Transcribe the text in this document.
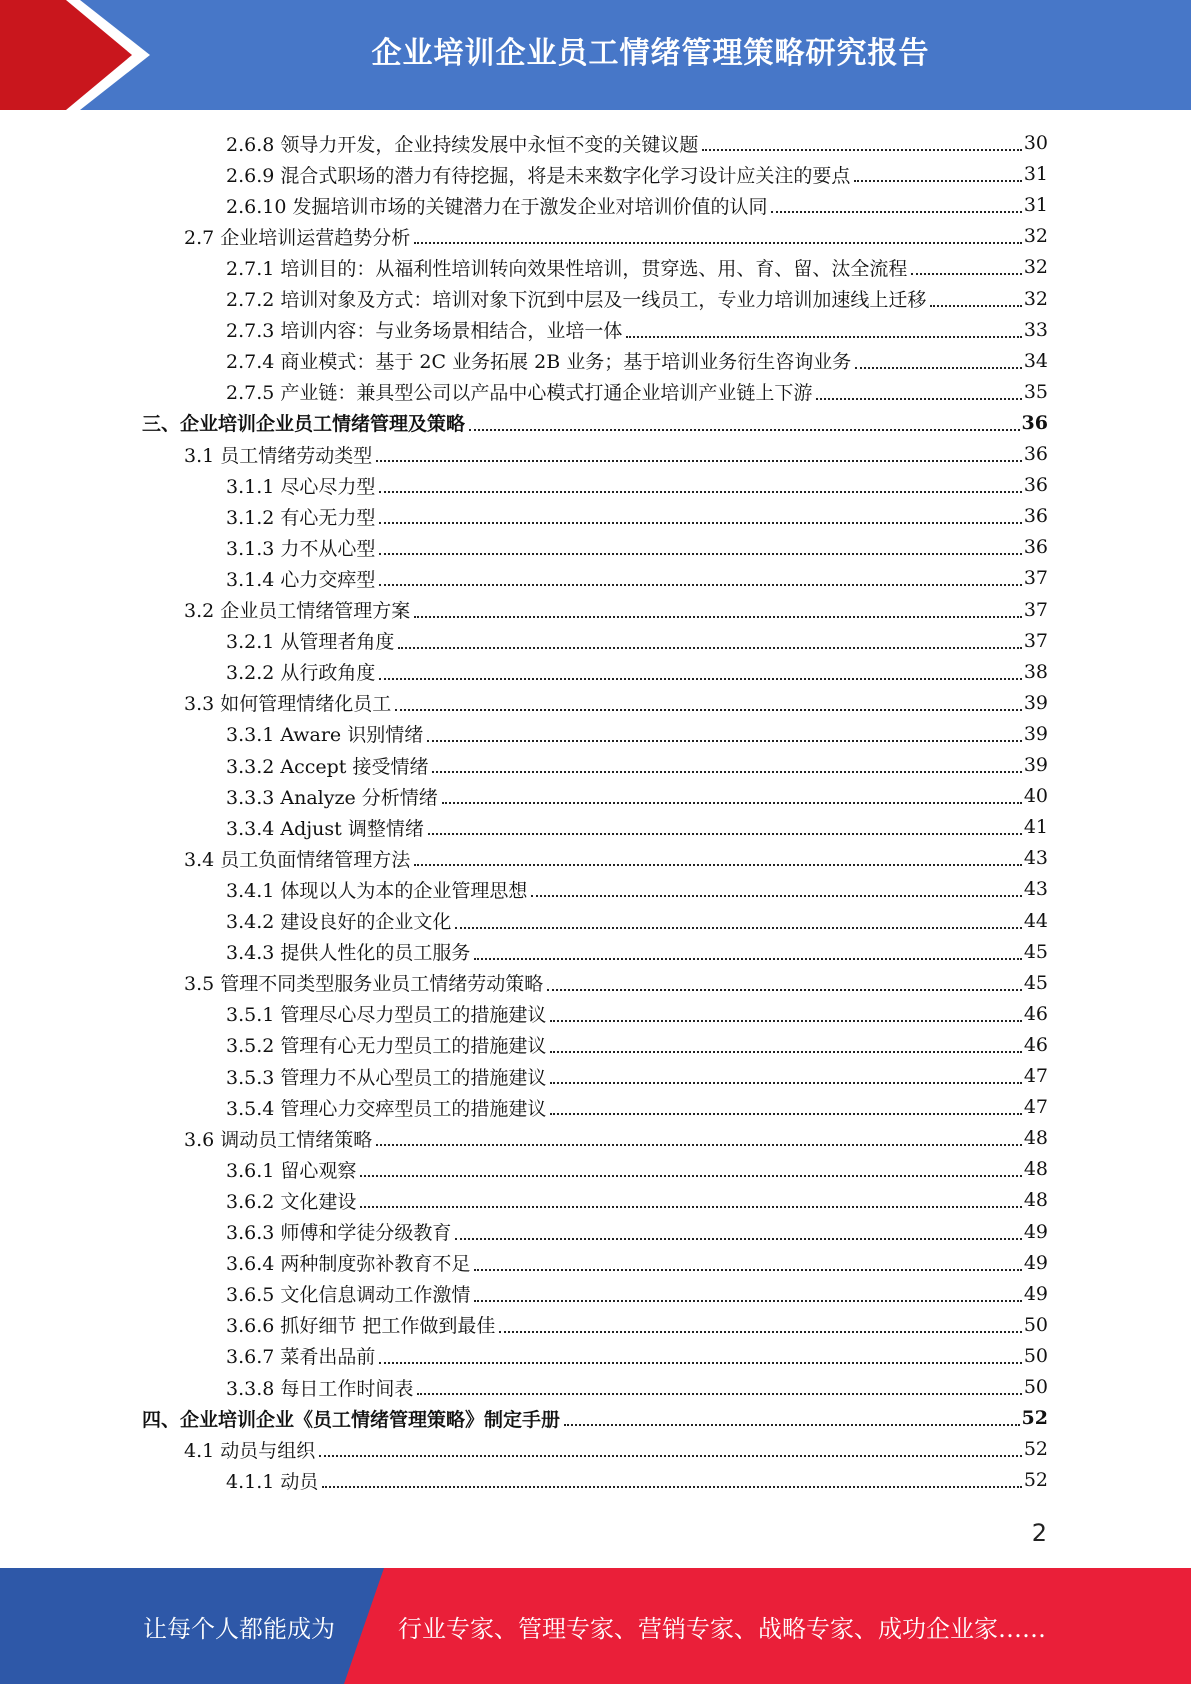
企业培训企业员工情绪管理策略研究报告
2.6.8 领导力开发，企业持续发展中永恒不变的关键议题	30
2.6.9 混合式职场的潜力有待挖掘，将是未来数字化学习设计应关注的要点	31
2.6.10 发掘培训市场的关键潜力在于激发企业对培训价值的认同	31
2.7 企业培训运营趋势分析	32
2.7.1 培训目的：从福利性培训转向效果性培训，贯穿选、用、育、留、汰全流程	32
2.7.2 培训对象及方式：培训对象下沉到中层及一线员工，专业力培训加速线上迁移	32
2.7.3 培训内容：与业务场景相结合，业培一体	33
2.7.4 商业模式：基于 2C 业务拓展 2B 业务；基于培训业务衍生咨询业务	34
2.7.5 产业链：兼具型公司以产品中心模式打通企业培训产业链上下游	35
三、企业培训企业员工情绪管理及策略	36
3.1 员工情绪劳动类型	36
3.1.1 尽心尽力型	36
3.1.2 有心无力型	36
3.1.3 力不从心型	36
3.1.4 心力交瘁型	37
3.2 企业员工情绪管理方案	37
3.2.1 从管理者角度	37
3.2.2 从行政角度	38
3.3 如何管理情绪化员工	39
3.3.1 Aware 识别情绪	39
3.3.2 Accept 接受情绪	39
3.3.3 Analyze 分析情绪	40
3.3.4 Adjust 调整情绪	41
3.4 员工负面情绪管理方法	43
3.4.1 体现以人为本的企业管理思想	43
3.4.2 建设良好的企业文化	44
3.4.3 提供人性化的员工服务	45
3.5 管理不同类型服务业员工情绪劳动策略	45
3.5.1 管理尽心尽力型员工的措施建议	46
3.5.2 管理有心无力型员工的措施建议	46
3.5.3 管理力不从心型员工的措施建议	47
3.5.4 管理心力交瘁型员工的措施建议	47
3.6 调动员工情绪策略	48
3.6.1 留心观察	48
3.6.2 文化建设	48
3.6.3 师傅和学徒分级教育	49
3.6.4 两种制度弥补教育不足	49
3.6.5 文化信息调动工作激情	49
3.6.6 抓好细节 把工作做到最佳	50
3.6.7 菜肴出品前	50
3.3.8 每日工作时间表	50
四、企业培训企业《员工情绪管理策略》制定手册	52
4.1 动员与组织	52
4.1.1 动员	52
2
让每个人都能成为	行业专家、管理专家、营销专家、战略专家、成功企业家……
